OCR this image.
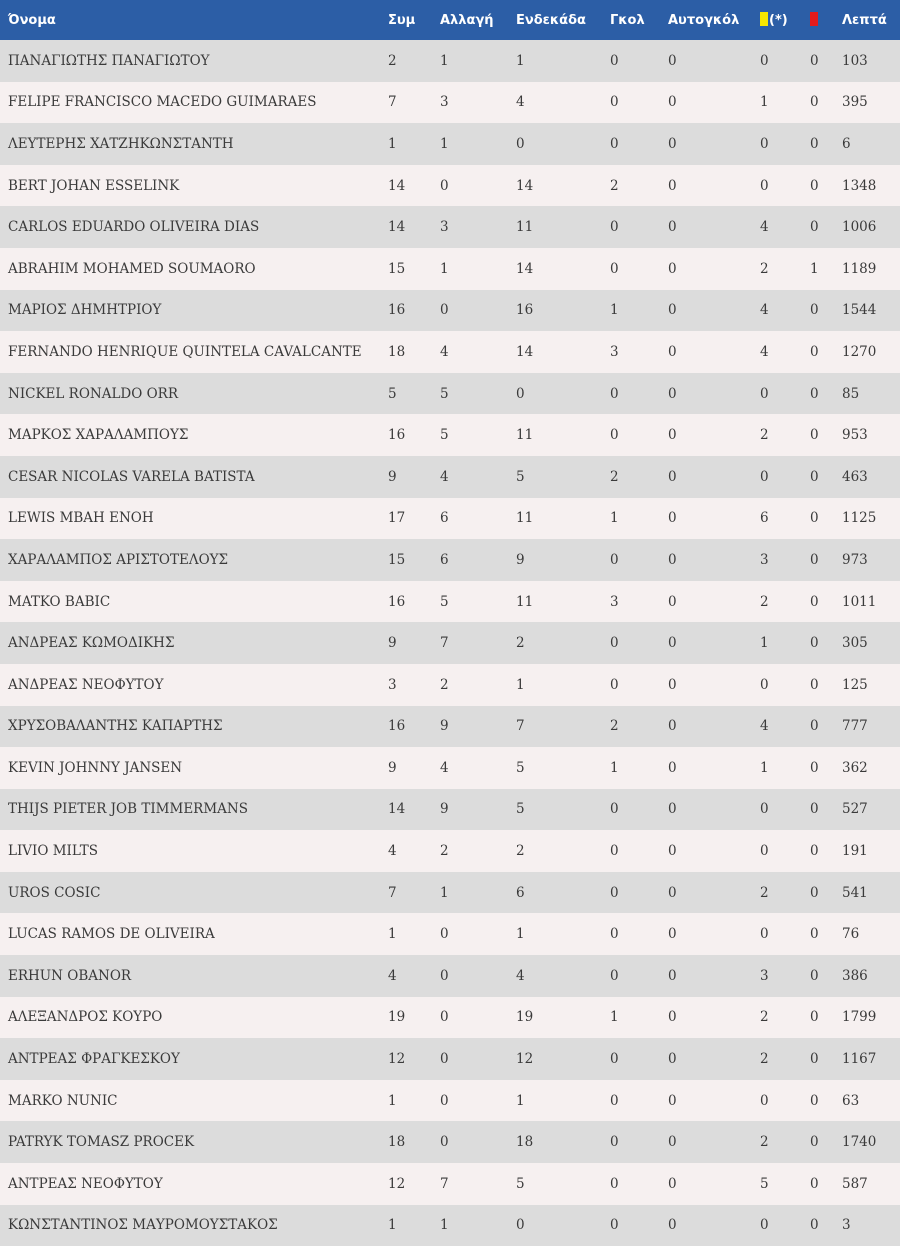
Όνομα	Συμ	Αλλαγή	Ενδεκάδα	Γκολ	Αυτογκόλ	(*)		Λεπτά
ΠΑΝΑΓΙΩΤΗΣ ΠΑΝΑΓΙΩΤΟΥ	2	1	1	0	0	0	0	103
FELIPE FRANCISCO MACEDO GUIMARAES	7	3	4	0	0	1	0	395
ΛΕΥΤΕΡΗΣ ΧΑΤΖΗΚΩΝΣΤΑΝΤΗ	1	1	0	0	0	0	0	6
BERT JOHAN ESSELINK	14	0	14	2	0	0	0	1348
CARLOS EDUARDO OLIVEIRA DIAS	14	3	11	0	0	4	0	1006
ABRAHIM MOHAMED SOUMAORO	15	1	14	0	0	2	1	1189
ΜΑΡΙΟΣ ΔΗΜΗΤΡΙΟΥ	16	0	16	1	0	4	0	1544
FERNANDO HENRIQUE QUINTELA CAVALCANTE	18	4	14	3	0	4	0	1270
NICKEL RONALDO ORR	5	5	0	0	0	0	0	85
ΜΑΡΚΟΣ ΧΑΡΑΛΑΜΠΟΥΣ	16	5	11	0	0	2	0	953
CESAR NICOLAS VARELA BATISTA	9	4	5	2	0	0	0	463
LEWIS MBAH ENOH	17	6	11	1	0	6	0	1125
ΧΑΡΑΛΑΜΠΟΣ ΑΡΙΣΤΟΤΕΛΟΥΣ	15	6	9	0	0	3	0	973
MATKO BABIC	16	5	11	3	0	2	0	1011
ΑΝΔΡΕΑΣ ΚΩΜΟΔΙΚΗΣ	9	7	2	0	0	1	0	305
ΑΝΔΡΕΑΣ ΝΕΟΦΥΤΟΥ	3	2	1	0	0	0	0	125
ΧΡΥΣΟΒΑΛΑΝΤΗΣ ΚΑΠΑΡΤΗΣ	16	9	7	2	0	4	0	777
KEVIN JOHNNY JANSEN	9	4	5	1	0	1	0	362
THIJS PIETER JOB TIMMERMANS	14	9	5	0	0	0	0	527
LIVIO MILTS	4	2	2	0	0	0	0	191
UROS COSIC	7	1	6	0	0	2	0	541
LUCAS RAMOS DE OLIVEIRA	1	0	1	0	0	0	0	76
ERHUN OBANOR	4	0	4	0	0	3	0	386
ΑΛΕΞΑΝΔΡΟΣ ΚΟΥΡΟ	19	0	19	1	0	2	0	1799
ΑΝΤΡΕΑΣ ΦΡΑΓΚΕΣΚΟΥ	12	0	12	0	0	2	0	1167
MARKO NUNIC	1	0	1	0	0	0	0	63
PATRYK TOMASZ PROCEK	18	0	18	0	0	2	0	1740
ΑΝΤΡΕΑΣ ΝΕΟΦΥΤΟΥ	12	7	5	0	0	5	0	587
ΚΩΝΣΤΑΝΤΙΝΟΣ ΜΑΥΡΟΜΟΥΣΤΑΚΟΣ	1	1	0	0	0	0	0	3
